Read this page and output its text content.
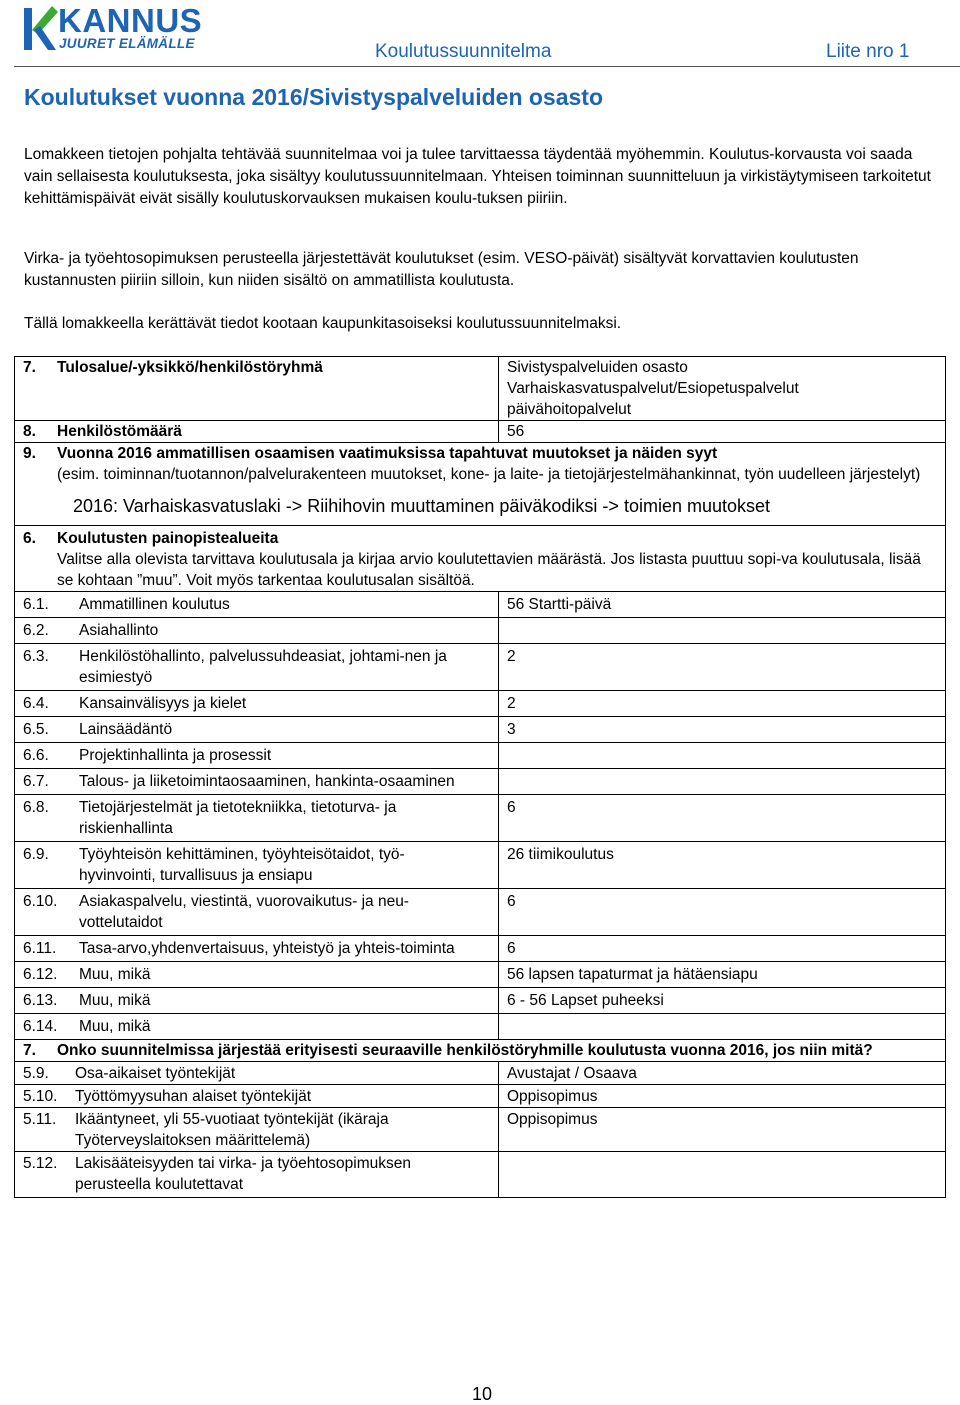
KANNUS
JUURET ELÄMÄLLE	Koulutussuunnitelma	Liite nro 1
Koulutukset vuonna 2016/Sivistyspalveluiden osasto

Lomakkeen tietojen pohjalta tehtävää suunnitelmaa voi ja tulee tarvittaessa täydentää myöhemmin. Koulutus-korvausta voi saada vain sellaisesta koulutuksesta, joka sisältyy koulutussuunnitelmaan. Yhteisen toiminnan suunnitteluun ja virkistäytymiseen tarkoitetut kehittämispäivät eivät sisälly koulutuskorvauksen mukaisen koulu-tuksen piiriin.

Virka- ja työehtosopimuksen perusteella järjestettävät koulutukset (esim. VESO-päivät) sisältyvät korvattavien koulutusten kustannusten piiriin silloin, kun niiden sisältö on ammatillista koulutusta.

Tällä lomakkeella kerättävät tiedot kootaan kaupunkitasoiseksi koulutussuunnitelmaksi.

7. Tulosalue/-yksikkö/henkilöstöryhmä	Sivistyspalveluiden osasto
Varhaiskasvatuspalvelut/Esiopetuspalvelut
päivähoitopalvelut

8. Henkilöstömäärä	56

9. Vuonna 2016 ammatillisen osaamisen vaatimuksissa tapahtuvat muutokset ja näiden syyt
(esim. toiminnan/tuotannon/palvelurakenteen muutokset, kone- ja laite- ja tietojärjestelmähankinnat, työn uudelleen järjestelyt)
2016: Varhaiskasvatuslaki -> Riihihovin muuttaminen päiväkodiksi -> toimien muutokset	

6. Koulutusten painopistealueita
Valitse alla olevista tarvittava koulutusala ja kirjaa arvio koulutettavien määrästä. Jos listasta puuttuu sopi-va koulutusala, lisää se kohtaan ”muu”. Voit myös tarkentaa koulutusalan sisältöä.	

6.1. Ammatillinen koulutus	56 Startti-päivä
6.2. Asiahallinto	
6.3. Henkilöstöhallinto, palvelussuhdeasiat, johtami-nen ja esimiestyö	2
6.4. Kansainvälisyys ja kielet	2
6.5. Lainsäädäntö	3
6.6. Projektinhallinta ja prosessit	
6.7. Talous- ja liiketoimintaosaaminen, hankinta-osaaminen	
6.8. Tietojärjestelmät ja tietotekniikka, tietoturva- ja riskienhallinta	6
6.9. Työyhteisön kehittäminen, työyhteisötaidot, työ-hyvinvointi, turvallisuus ja ensiapu	26 tiimikoulutus
6.10. Asiakaspalvelu, viestintä, vuorovaikutus- ja neu-vottelutaidot	6
6.11. Tasa-arvo,yhdenvertaisuus, yhteistyö ja yhteis-toiminta	6
6.12. Muu, mikä	56 lapsen tapaturmat ja hätäensiapu
6.13. Muu, mikä	6 - 56 Lapset puheeksi
6.14. Muu, mikä	
7. Onko suunnitelmissa järjestää erityisesti seuraaville henkilöstöryhmille koulutusta vuonna 2016, jos niin mitä?	
5.9. Osa-aikaiset työntekijät	Avustajat / Osaava
5.10. Työttömyysuhan alaiset työntekijät	Oppisopimus
5.11. Ikääntyneet, yli 55-vuotiaat työntekijät (ikäraja Työterveyslaitoksen määrittelemä)	Oppisopimus
5.12. Lakisääteisyyden tai virka- ja työehtosopimuksen perusteella koulutettavat	
10
